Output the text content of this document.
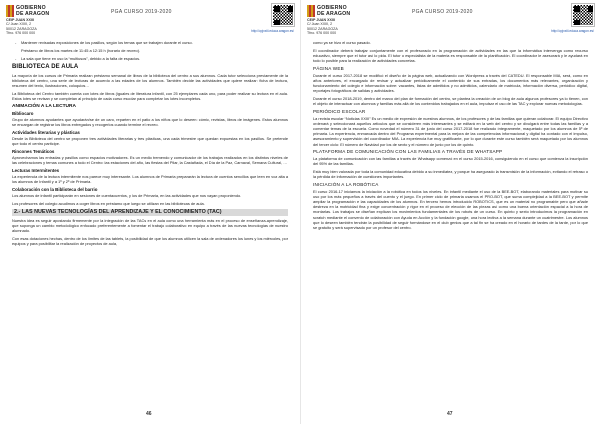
GOBIERNO
DE ARAGON
CEIP JUAN XXIII
C/ Juan XXIII, 2
50012 ZARAGOZA
Tfno. 976 000 000
PGA CURSO 2019-2020
http://cpjxxiii.educa.aragon.es/

- Mantener revisadas exposiciones de los pasillos, según los temas que se trabajen durante el curso.

Préstamo de libros los martes de 11:45 a 12:15 h (horario de recreo).

- La sala que tiene en uso la “multiusos”, debido a la falta de espacios.

BIBLIOTECA DE AULA

La mayoría de los cursos de Primaria realizan préstamo semanal de libros de la biblioteca del centro a sus alumnos. Cada tutor selecciona previamente de la biblioteca del centro, una serie de lecturas de acuerdo a las edades de los alumnos. También decide las actividades que quiere realizar: ficha de lectura, resumen del texto, ilustraciones, coloquios…

La Biblioteca del Centro también cuenta con lotes de libros (iguales de literatura infantil, con 25 ejemplares cada uno, para poder realizar su lectura en el aula. Estos lotes se revisan y se completan al principio de cada curso escolar para completar los lotes incompletos.

ANIMACIÓN A LA LECTURA
Bibliocaro

Grupo de alumnos ayudantes que ayudarán/se de un caro, reparten en el patio a los niños que lo deseen: cómic, revistas, libros de imágenes. Estos alumnos se encargan de registrar los libros entregados y recogerlos cuando termine el recreo.

Actividades literarias y plásticas

Desde la Biblioteca del centro se proponen tres actividades literarias y tres plásticas, una cada trimestre que quedan expuestas en los pasillos. Se pretende que todo el centro participe.

Rincones Temáticos

Aprovechamos las entradas y pasillos como espacios motivadores. Es un medio tremendo y comunicador de los trabajos realizados en los distintos niveles de las celebraciones y temas comunes a todo el Centro: las estaciones del año, las fiestas del Pilar, la Castañada, el Día de la Paz, Carnaval, Semana Cultural, …

Lecturas Intermitentes

La experiencia de la lectura intermitente nos parece muy interesante. Los alumnos de Primaria prepararán la lectura de cuentos sencillos que leen en voz alta a los alumnos de Infantil y a 1º y 2º de Primaria.

Colaboración con la Biblioteca del barrio

Los alumnos de infantil participarán en sesiones de cuentacuentos, y los de Primaria, en las actividades que nos vayan proponiendo.

Los profesores del colegio acudimos a coger libros en préstamo que luego se utilizan en las bibliotecas de aula.

2.- LAS NUEVAS TECNOLOGÍAS DEL APRENDIZAJE Y EL CONOCIMIENTO (TAC)

Nuestra idea es seguir apostando firmemente por la integración de las TACs en el aula como una herramienta más en el proceso de enseñanza-aprendizaje, que suponga un cambio metodológico enfocado preferentemente a fomentar el trabajo colaborativo en equipo a través de las nuevas tecnologías de nuestro alumnado.

Con esas dotaciones hechas, dentro de los límites de las tablets, la posibilidad de que los alumnos utilicen la sala de ordenadores los lunes y los miércoles, por equipos y para posibilitar la realización de proyectos de aula,

46
GOBIERNO
DE ARAGON
CEIP JUAN XXIII
C/ Juan XXIII, 2
50012 ZARAGOZA
Tfno. 976 000 000
PGA CURSO 2019-2020
http://cpjxxiii.educa.aragon.es/

como ya se hizo el curso pasado.

El coordinador deberá trabajar conjuntamente con el profesorado en la programación de actividades en las que la informática intervenga como recurso educativo, siempre que el tutor así lo pida. El tutor o especialista de la materia es responsable de la planificación. El coordinador le asesorará y le ayudará en todo lo posible para la realización de actividades concretas.

PÁGINA WEB

Durante el curso 2017-2018 se modificó el diseño de la página web, actualizando con Wordpress a través del CATEDU. El responsable MIA, será, como en años anteriores, el encargado de revisar y actualizar periódicamente el contenido de sus entradas, los documentos más relevantes, organización y funcionamiento del colegio e información sobre: vacantes, listas de admitidos y no admitidos, calendario de matrícula, información diversa, periódico digital, reportajes fotográficos de salidas y actividades.

Durante el curso 2018-2019, dentro del marco del plan de formación del centro, se plantea la creación de un blog de aula algunos profesores ya lo tienen, con el objeto de interactuar con alumnos y familias más allá de los contenidos trabajados en el aula, impulsar el uso de las TAC y explorar nuevas metodologías.

PERIÓDICO ESCOLAR

La revista escolar “Noticias XXIII” Es un medio de expresión de nuestros alumnos, de los profesores y de las familias que quieran colaborar. El equipo Directivo ordenará y seleccionará aquellos artículos que se consideren más interesantes y se editará en la web del centro y se divulgará entre todas las familias y a comentar temas de la escuela. Como novedad el número 31 de junio del curso 2017-2018 fue realizado íntegramente, maquetado por los alumnos de 5º de primaria. La experiencia, enmarcada dentro del Programa experimental para la mejora de las competencias informacional y digital ha contado con el impulso, asesoramiento y supervisión del coordinador MIA. La experiencia fue muy gratificante, por lo que durante este curso también será maquetado por los alumnos del tercer ciclo: El número de Navidad por los de sexto y el número de junio por los de quinto.

PLATAFORMA DE COMUNICACIÓN CON LAS FAMILIAS A TRAVÉS DE WHATSAPP

La plataforma de comunicación con las familias a través de Whatsapp comenzó en el curso 2015-2016, consiguiendo en el curso que comienza la inscripción del 95% de las familias.

Está muy bien valorada por toda la comunidad educativa debido a su inmediatez, y porque ha asegurado la transmisión de la información, evitando el retraso o la pérdida de información de cuestiones importantes.

INICIACIÓN A LA ROBÓTICA

El curso 2016-17 iniciamos la iniciación a la robótica en todos los niveles. En infantil mediante el uso de la BEE-BOT, elaborando materiales para motivar su uso por los más pequeños a través del cuento y el juego. En primer ciclo de primaria usamos el PRO-BOT, que suma complejidad a la BEE-BOT y permite ampliar la programación e las capacidades de los alumnos. En tercero hemos introducido ROBOTICS, que es un material no programable pero que añade destreza en la motricidad fina y exige concentración y rigor en el proceso de elección de las piezas así como una buena orientación espacial a la hora de montarlas. Los trabajos se diseñan explican los movimientos fundamentales de los robots de un curso. En quinto y sexto introducimos la programación en scratch mediante el convenio de colaboración con Ayuda en Acción y la fundación google, una hora lectiva a la semana durante un cuatrimestre. Los alumnos que lo deseen también tendrán la posibilidad de seguir formándose en el club genios que a tal fin se ha creado en el horario de tardes de la tarde, por lo que se gratuito y será supervisado por un profesor del centro.

47
